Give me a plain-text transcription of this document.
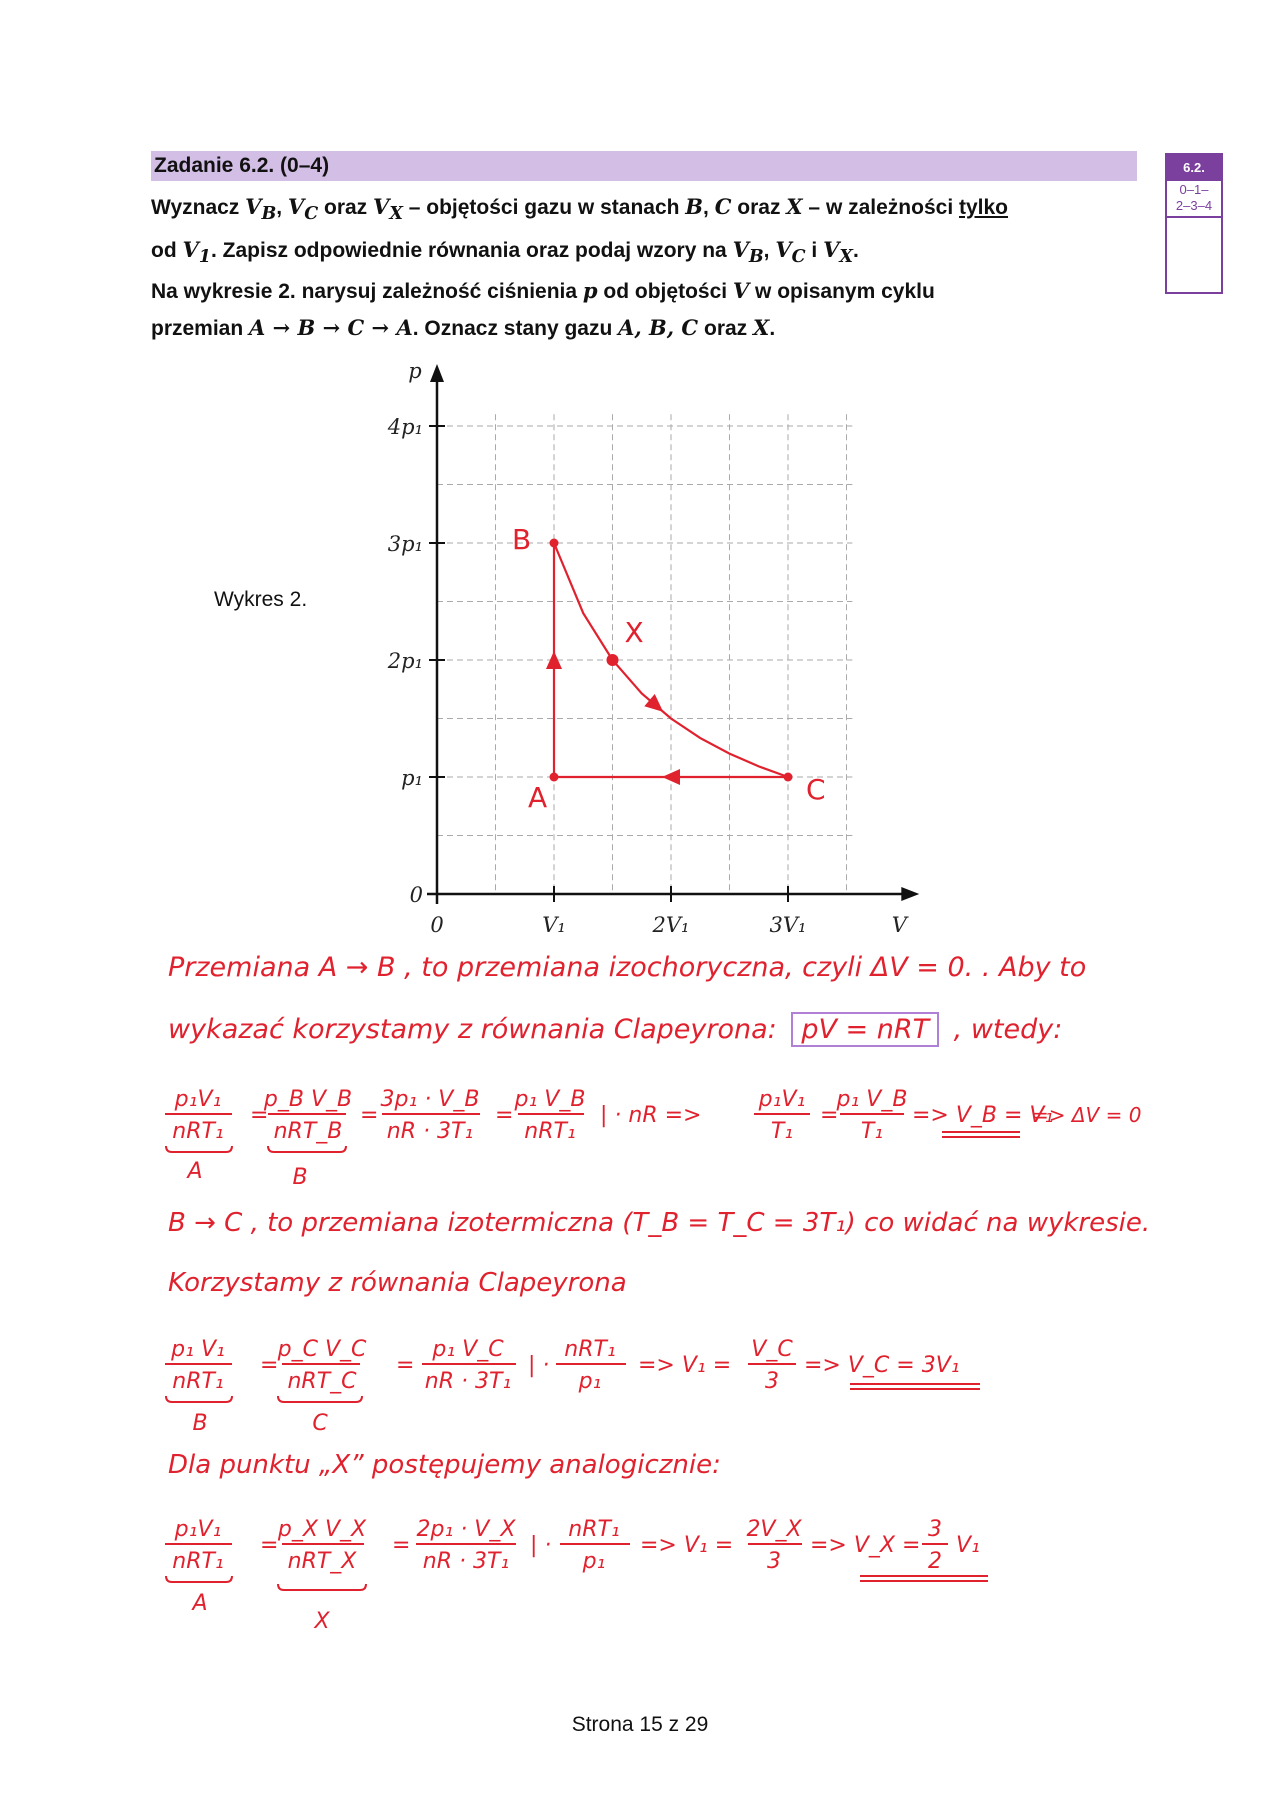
Zadanie 6.2. (0–4)	6.2.
0–1–
2–3–4
Wyznacz $V_B$, $V_C$ oraz $V_X$ – objętości gazu w stanach B, C oraz X – w zależności tylko
od $V_1$. Zapisz odpowiednie równania oraz podaj wzory na $V_B$, $V_C$ i $V_X$.
Na wykresie 2. narysuj zależność ciśnienia p od objętości V w opisanym cyklu
przemian A → B → C → A. Oznacz stany gazu A, B, C oraz X.
Wykres 2.
p
V
0
p₁
2p₁
3p₁
4p₁
0	V₁	2V₁	3V₁
A
B
X
C
Przemiana A → B , to przemiana izochoryczna, czyli ΔV = 0. . Aby to
wykazać korzystamy z równania Clapeyrona: pV = nRT , wtedy:
p₁V₁
nRT₁
A
=
p_B V_B
nRT_B
B
=
3p₁ · V_B
nR · 3T₁
=
p₁ V_B
nRT₁
| · nR =>
p₁V₁
T₁
=
p₁ V_B
T₁
=> V_B = V₁
=> ΔV = 0
B → C , to przemiana izotermiczna (T_B = T_C = 3T₁) co widać na wykresie.
Korzystamy z równania Clapeyrona
p₁ V₁
nRT₁
B
=
p_C V_C
nRT_C
C
=
p₁ V_C
nR · 3T₁
| ·
nRT₁
p₁
=> V₁ =
V_C
3
=> V_C = 3V₁
Dla punktu „X” postępujemy analogicznie:
p₁V₁
nRT₁
A
=
p_X V_X
nRT_X
X
=
2p₁ · V_X
nR · 3T₁
| ·
nRT₁
p₁
=> V₁ =
2V_X
3
=> V_X =
3
2
V₁
Strona 15 z 29
